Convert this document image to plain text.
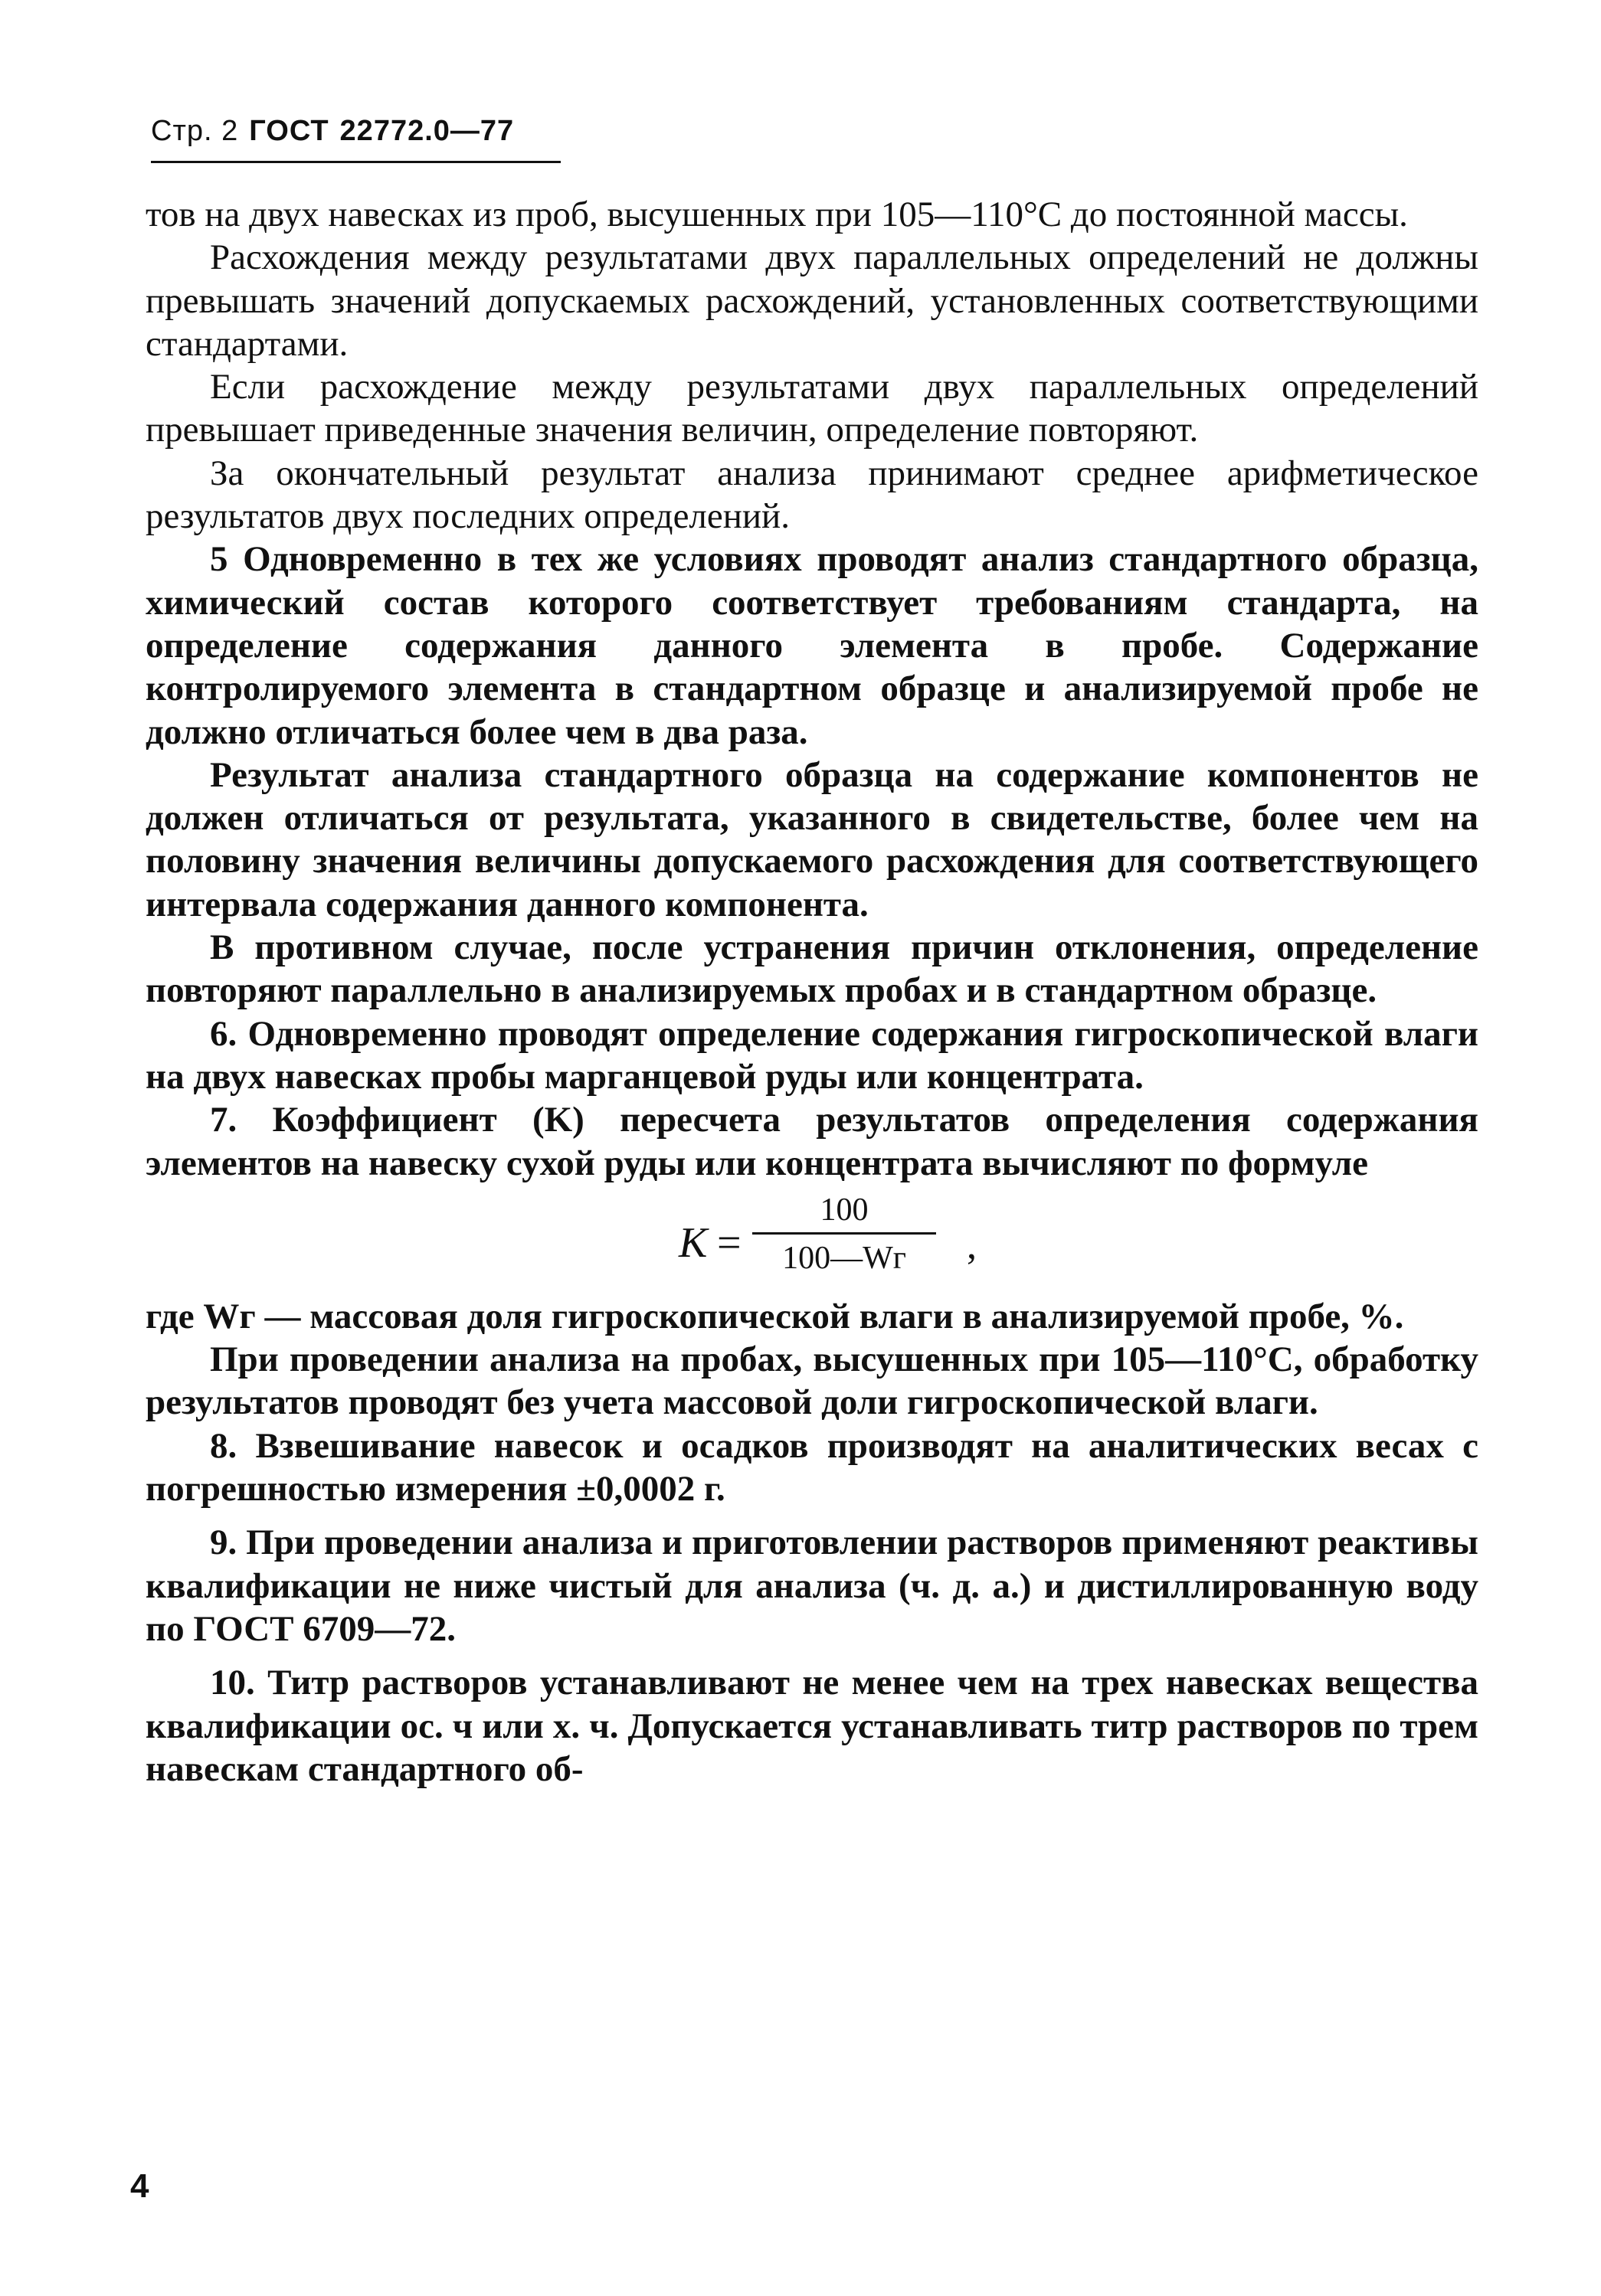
Стр. 2 ГОСТ 22772.0—77

тов на двух навесках из проб, высушенных при 105—110°С до постоянной массы.

Расхождения между результатами двух параллельных определений не должны превышать значений допускаемых расхождений, установленных соответствующими стандартами.

Если расхождение между результатами двух параллельных определений превышает приведенные значения величин, определение повторяют.

За окончательный результат анализа принимают среднее арифметическое результатов двух последних определений.

5 Одновременно в тех же условиях проводят анализ стандартного образца, химический состав которого соответствует требованиям стандарта, на определение содержания данного элемента в пробе. Содержание контролируемого элемента в стандартном образце и анализируемой пробе не должно отличаться более чем в два раза.

Результат анализа стандартного образца на содержание компонентов не должен отличаться от результата, указанного в свидетельстве, более чем на половину значения величины допускаемого расхождения для соответствующего интервала содержания данного компонента.

В противном случае, после устранения причин отклонения, определение повторяют параллельно в анализируемых пробах и в стандартном образце.

6. Одновременно проводят определение содержания гигроскопической влаги на двух навесках пробы марганцевой руды или концентрата.

7. Коэффициент (K) пересчета результатов определения содержания элементов на навеску сухой руды или концентрата вычисляют по формуле

K =
100
100—Wг	,

где Wг — массовая доля гигроскопической влаги в анализируемой пробе, %.

При проведении анализа на пробах, высушенных при 105—110°С, обработку результатов проводят без учета массовой доли гигроскопической влаги.

8. Взвешивание навесок и осадков производят на аналитических весах с погрешностью измерения ±0,0002 г.

9. При проведении анализа и приготовлении растворов применяют реактивы квалификации не ниже чистый для анализа (ч. д. а.) и дистиллированную воду по ГОСТ 6709—72.

10. Титр растворов устанавливают не менее чем на трех навесках вещества квалификации ос. ч или х. ч. Допускается устанавливать титр растворов по трем навескам стандартного об-

4
